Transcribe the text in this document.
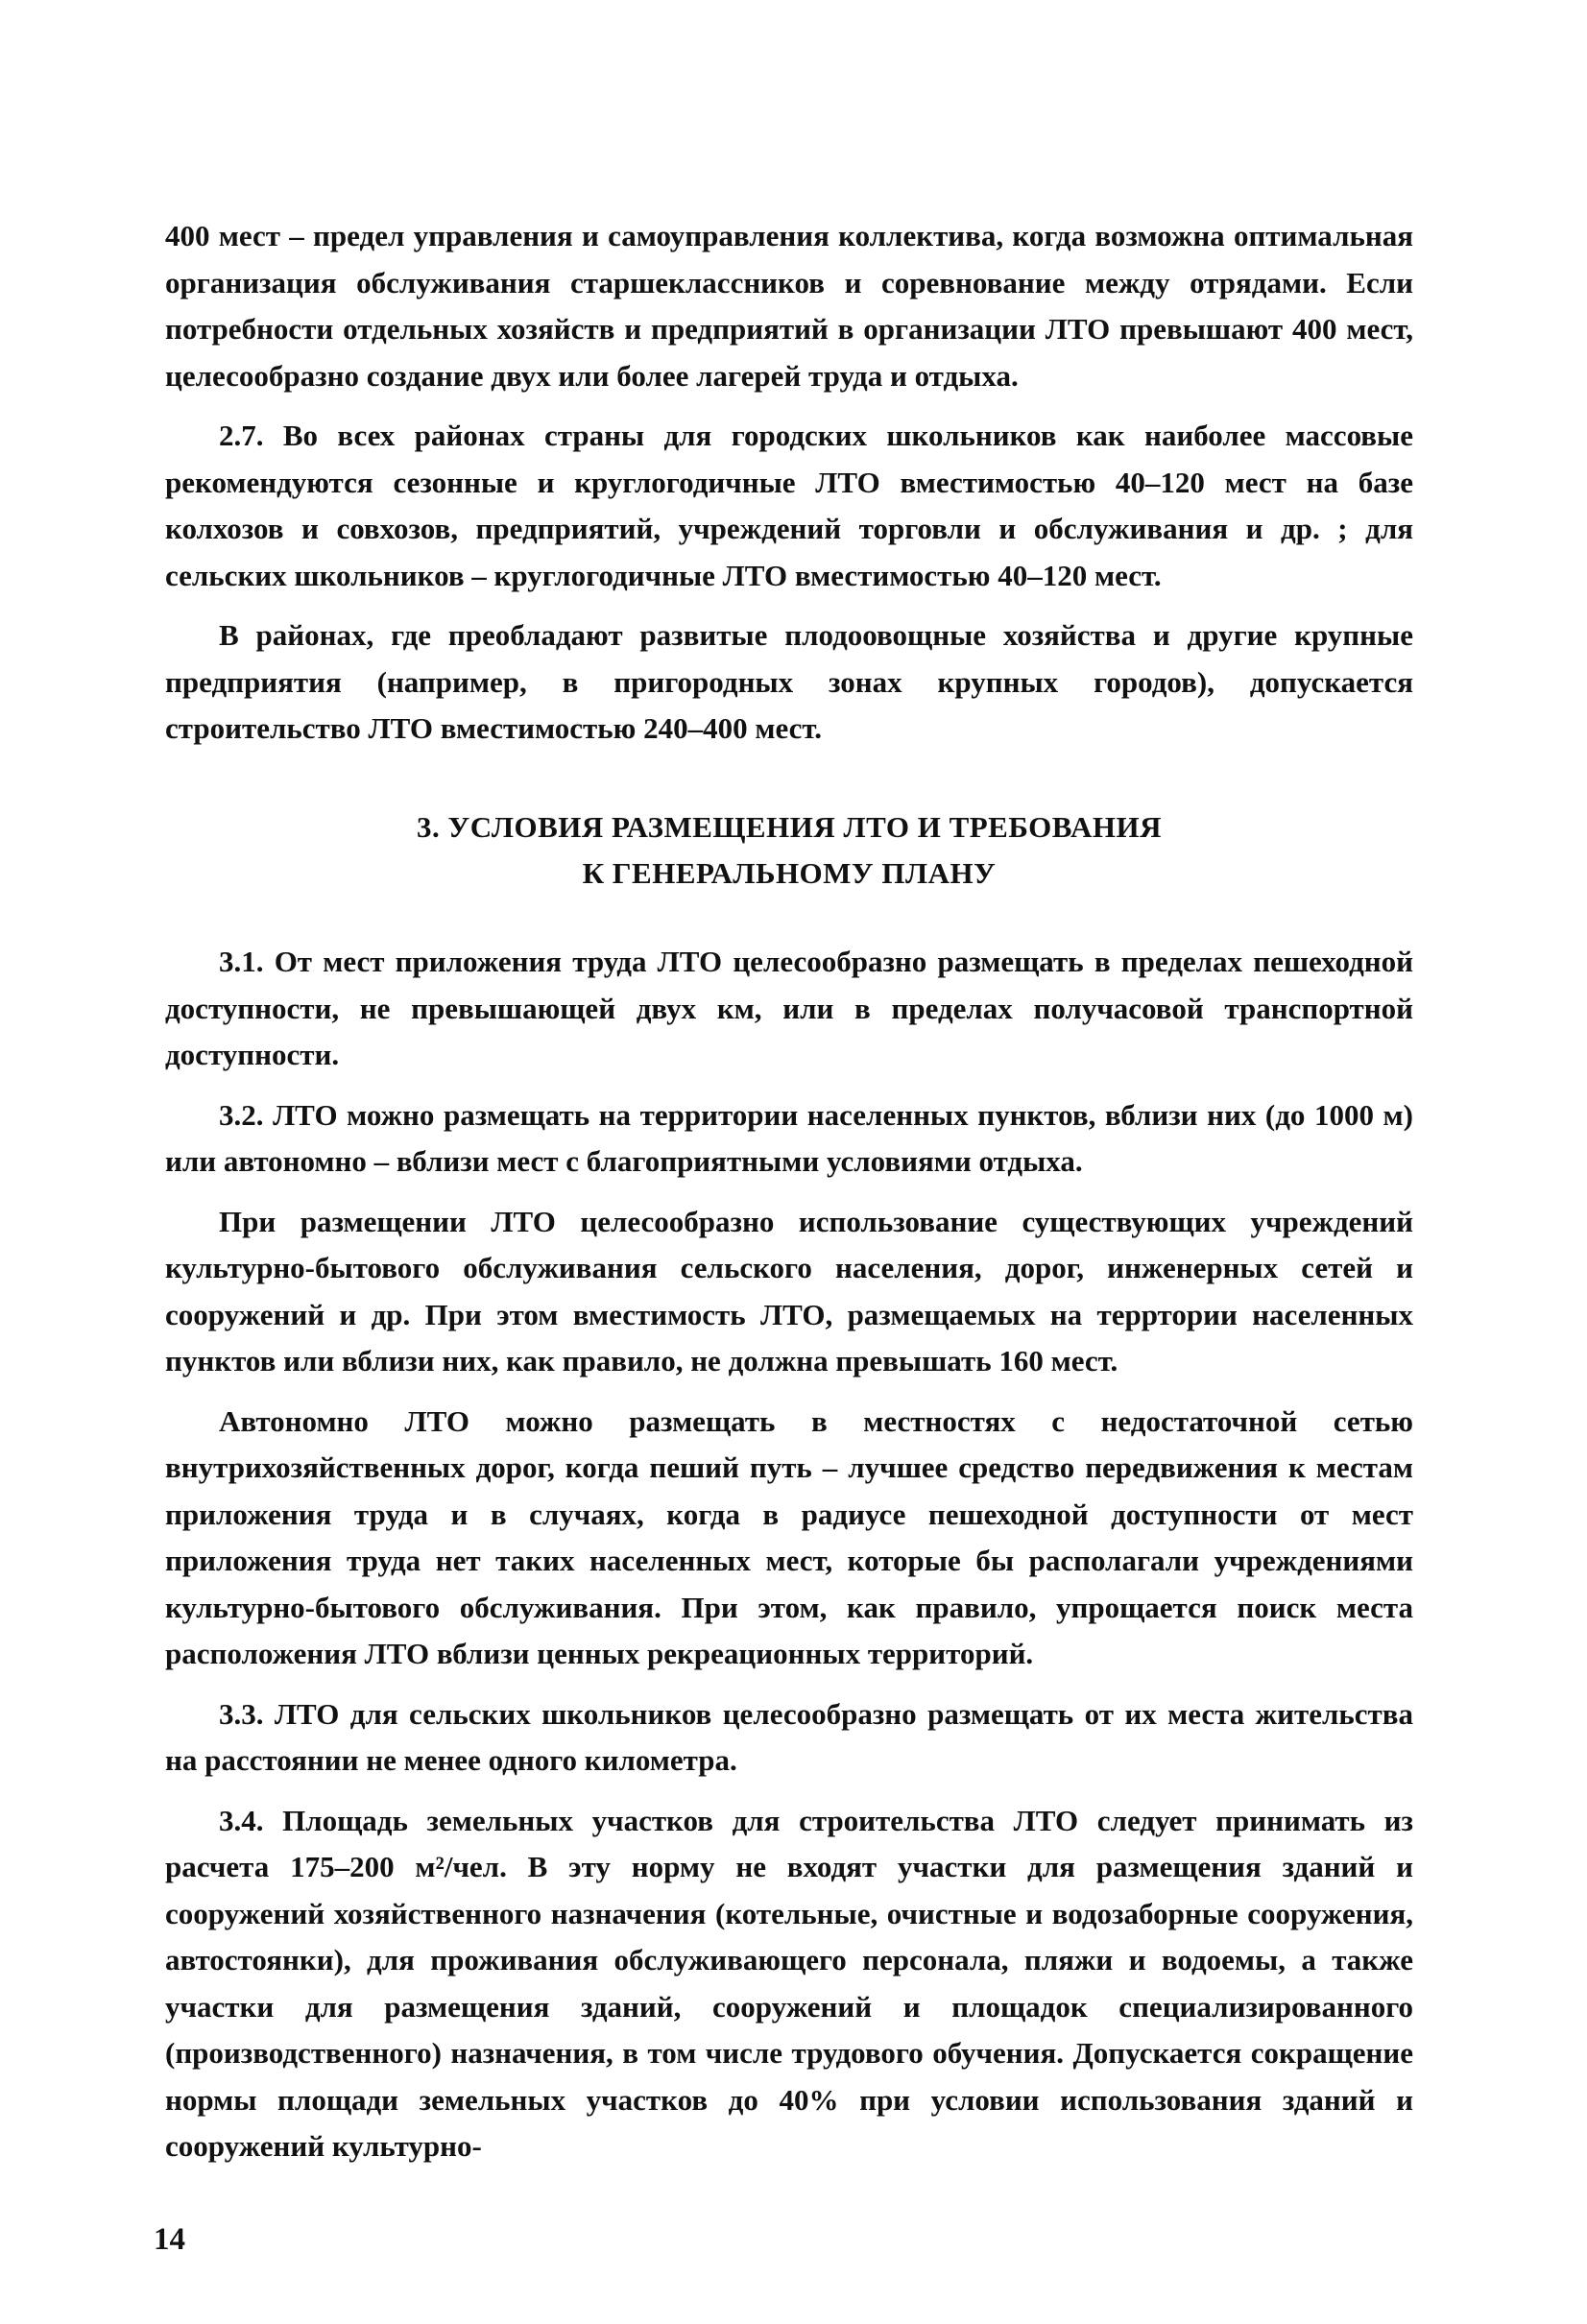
400 мест – предел управления и самоуправления коллектива, когда возможна оптимальная организация обслуживания старшеклассников и соревнование между отрядами. Если потребности отдельных хозяйств и предприятий в организации ЛТО превышают 400 мест, целесообразно создание двух или более лагерей труда и отдыха.

2.7. Во всех районах страны для городских школьников как наиболее массовые рекомендуются сезонные и круглогодичные ЛТО вместимостью 40–120 мест на базе колхозов и совхозов, предприятий, учреждений торговли и обслуживания и др. ; для сельских школьников – круглогодичные ЛТО вместимостью 40–120 мест.

В районах, где преобладают развитые плодоовощные хозяйства и другие крупные предприятия (например, в пригородных зонах крупных городов), допускается строительство ЛТО вместимостью 240–400 мест.

3. УСЛОВИЯ РАЗМЕЩЕНИЯ ЛТО И ТРЕБОВАНИЯ
К ГЕНЕРАЛЬНОМУ ПЛАНУ

3.1. От мест приложения труда ЛТО целесообразно размещать в пределах пешеходной доступности, не превышающей двух км, или в пределах получасовой транспортной доступности.

3.2. ЛТО можно размещать на территории населенных пунктов, вблизи них (до 1000 м) или автономно – вблизи мест с благоприятными условиями отдыха.

При размещении ЛТО целесообразно использование существующих учреждений культурно-бытового обслуживания сельского населения, дорог, инженерных сетей и сооружений и др. При этом вместимость ЛТО, размещаемых на терртории населенных пунктов или вблизи них, как правило, не должна превышать 160 мест.

Автономно ЛТО можно размещать в местностях с недостаточной сетью внутрихозяйственных дорог, когда пеший путь – лучшее средство передвижения к местам приложения труда и в случаях, когда в радиусе пешеходной доступности от мест приложения труда нет таких населенных мест, которые бы располагали учреждениями культурно-бытового обслуживания. При этом, как правило, упрощается поиск места расположения ЛТО вблизи ценных рекреационных территорий.

3.3. ЛТО для сельских школьников целесообразно размещать от их места жительства на расстоянии не менее одного километра.

3.4. Площадь земельных участков для строительства ЛТО следует принимать из расчета 175–200 м²/чел. В эту норму не входят участки для размещения зданий и сооружений хозяйственного назначения (котельные, очистные и водозаборные сооружения, автостоянки), для проживания обслуживающего персонала, пляжи и водоемы, а также участки для размещения зданий, сооружений и площадок специализированного (производственного) назначения, в том числе трудового обучения. Допускается сокращение нормы площади земельных участков до 40% при условии использования зданий и сооружений культурно-

14
